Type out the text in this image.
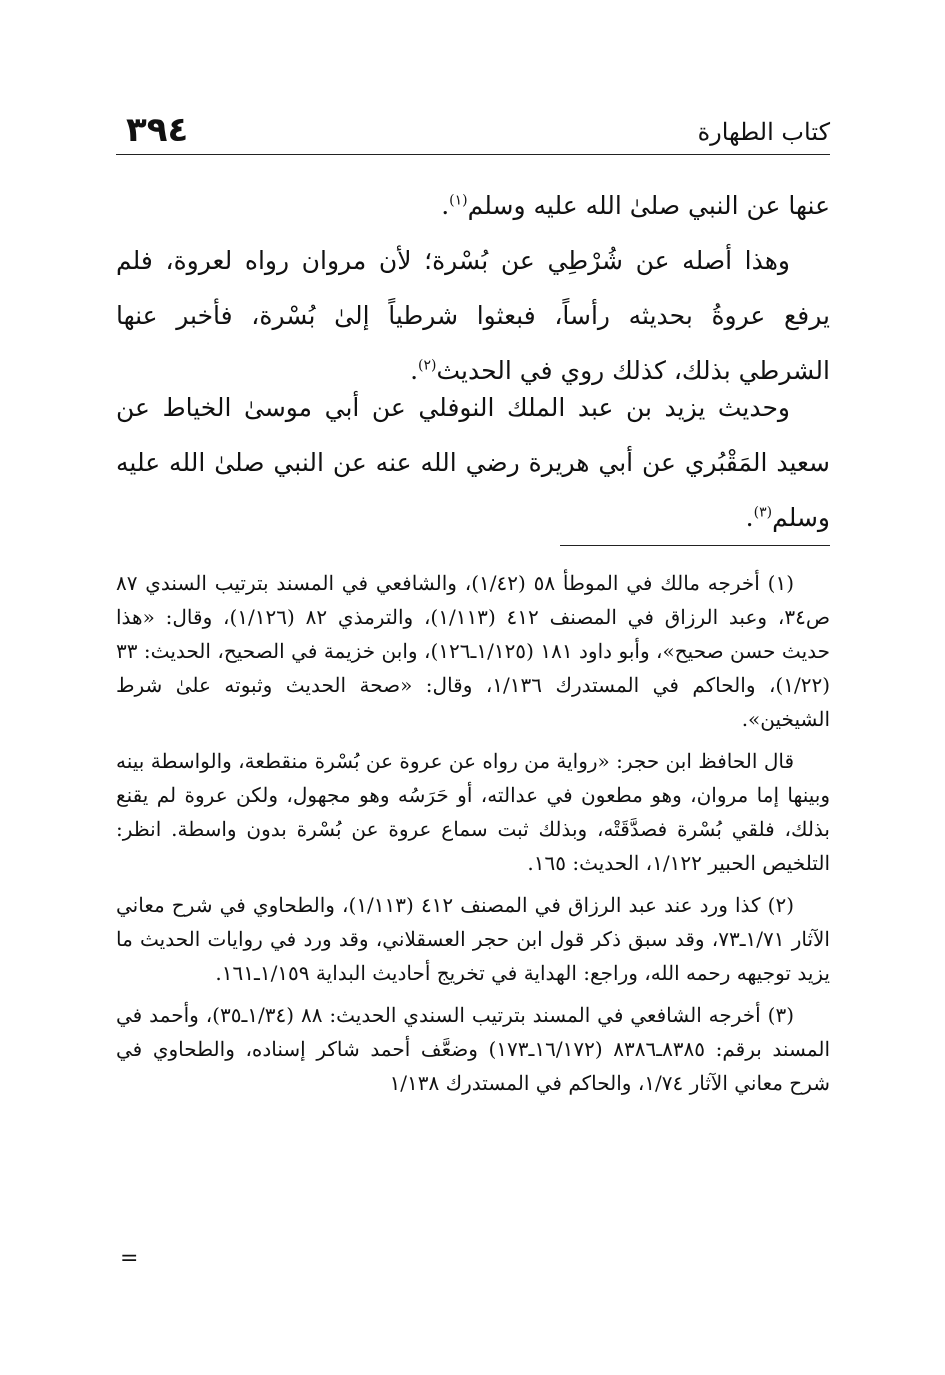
٣٩٤	كتاب الطهارة

عنها عن النبي صلىٰ الله عليه وسلم$^{(١)}$.

وهذا أصله عن شُرْطِي عن بُسْرة؛ لأن مروان رواه لعروة، فلم يرفع عروةُ بحديثه رأساً، فبعثوا شرطياً إلىٰ بُسْرة، فأخبر عنها الشرطي بذلك، كذلك روي في الحديث$^{(٢)}$.

وحديث يزيد بن عبد الملك النوفلي عن أبي موسىٰ الخياط عن سعيد المَقْبُري عن أبي هريرة رضي الله عنه عن النبي صلىٰ الله عليه وسلم$^{(٣)}$.

(١) أخرجه مالك في الموطأ ٥٨ (١/٤٢)، والشافعي في المسند بترتيب السندي ٨٧ ص٣٤، وعبد الرزاق في المصنف ٤١٢ (١/١١٣)، والترمذي ٨٢ (١/١٢٦)، وقال: «هذا حديث حسن صحيح»، وأبو داود ١٨١ (١/١٢٥ـ١٢٦)، وابن خزيمة في الصحيح، الحديث: ٣٣ (١/٢٢)، والحاكم في المستدرك ١/١٣٦، وقال: «صحة الحديث وثبوته علىٰ شرط الشيخين».

قال الحافظ ابن حجر: «رواية من رواه عن عروة عن بُسْرة منقطعة، والواسطة بينه وبينها إما مروان، وهو مطعون في عدالته، أو حَرَسُه وهو مجهول، ولكن عروة لم يقنع بذلك، فلقي بُسْرة فصدَّقَتْه، وبذلك ثبت سماع عروة عن بُسْرة بدون واسطة. انظر: التلخيص الحبير ١/١٢٢، الحديث: ١٦٥.

(٢) كذا ورد عند عبد الرزاق في المصنف ٤١٢ (١/١١٣)، والطحاوي في شرح معاني الآثار ١/٧١ـ٧٣، وقد سبق ذكر قول ابن حجر العسقلاني، وقد ورد في روايات الحديث ما يزيد توجيهه رحمه الله، وراجع: الهداية في تخريج أحاديث البداية ١/١٥٩ـ١٦١.

(٣) أخرجه الشافعي في المسند بترتيب السندي الحديث: ٨٨ (١/٣٤ـ٣٥)، وأحمد في المسند برقم: ٨٣٨٥ـ٨٣٨٦ (١٦/١٧٢ـ١٧٣) وضعَّف أحمد شاكر إسناده، والطحاوي في شرح معاني الآثار ١/٧٤، والحاكم في المستدرك ١/١٣٨

=
